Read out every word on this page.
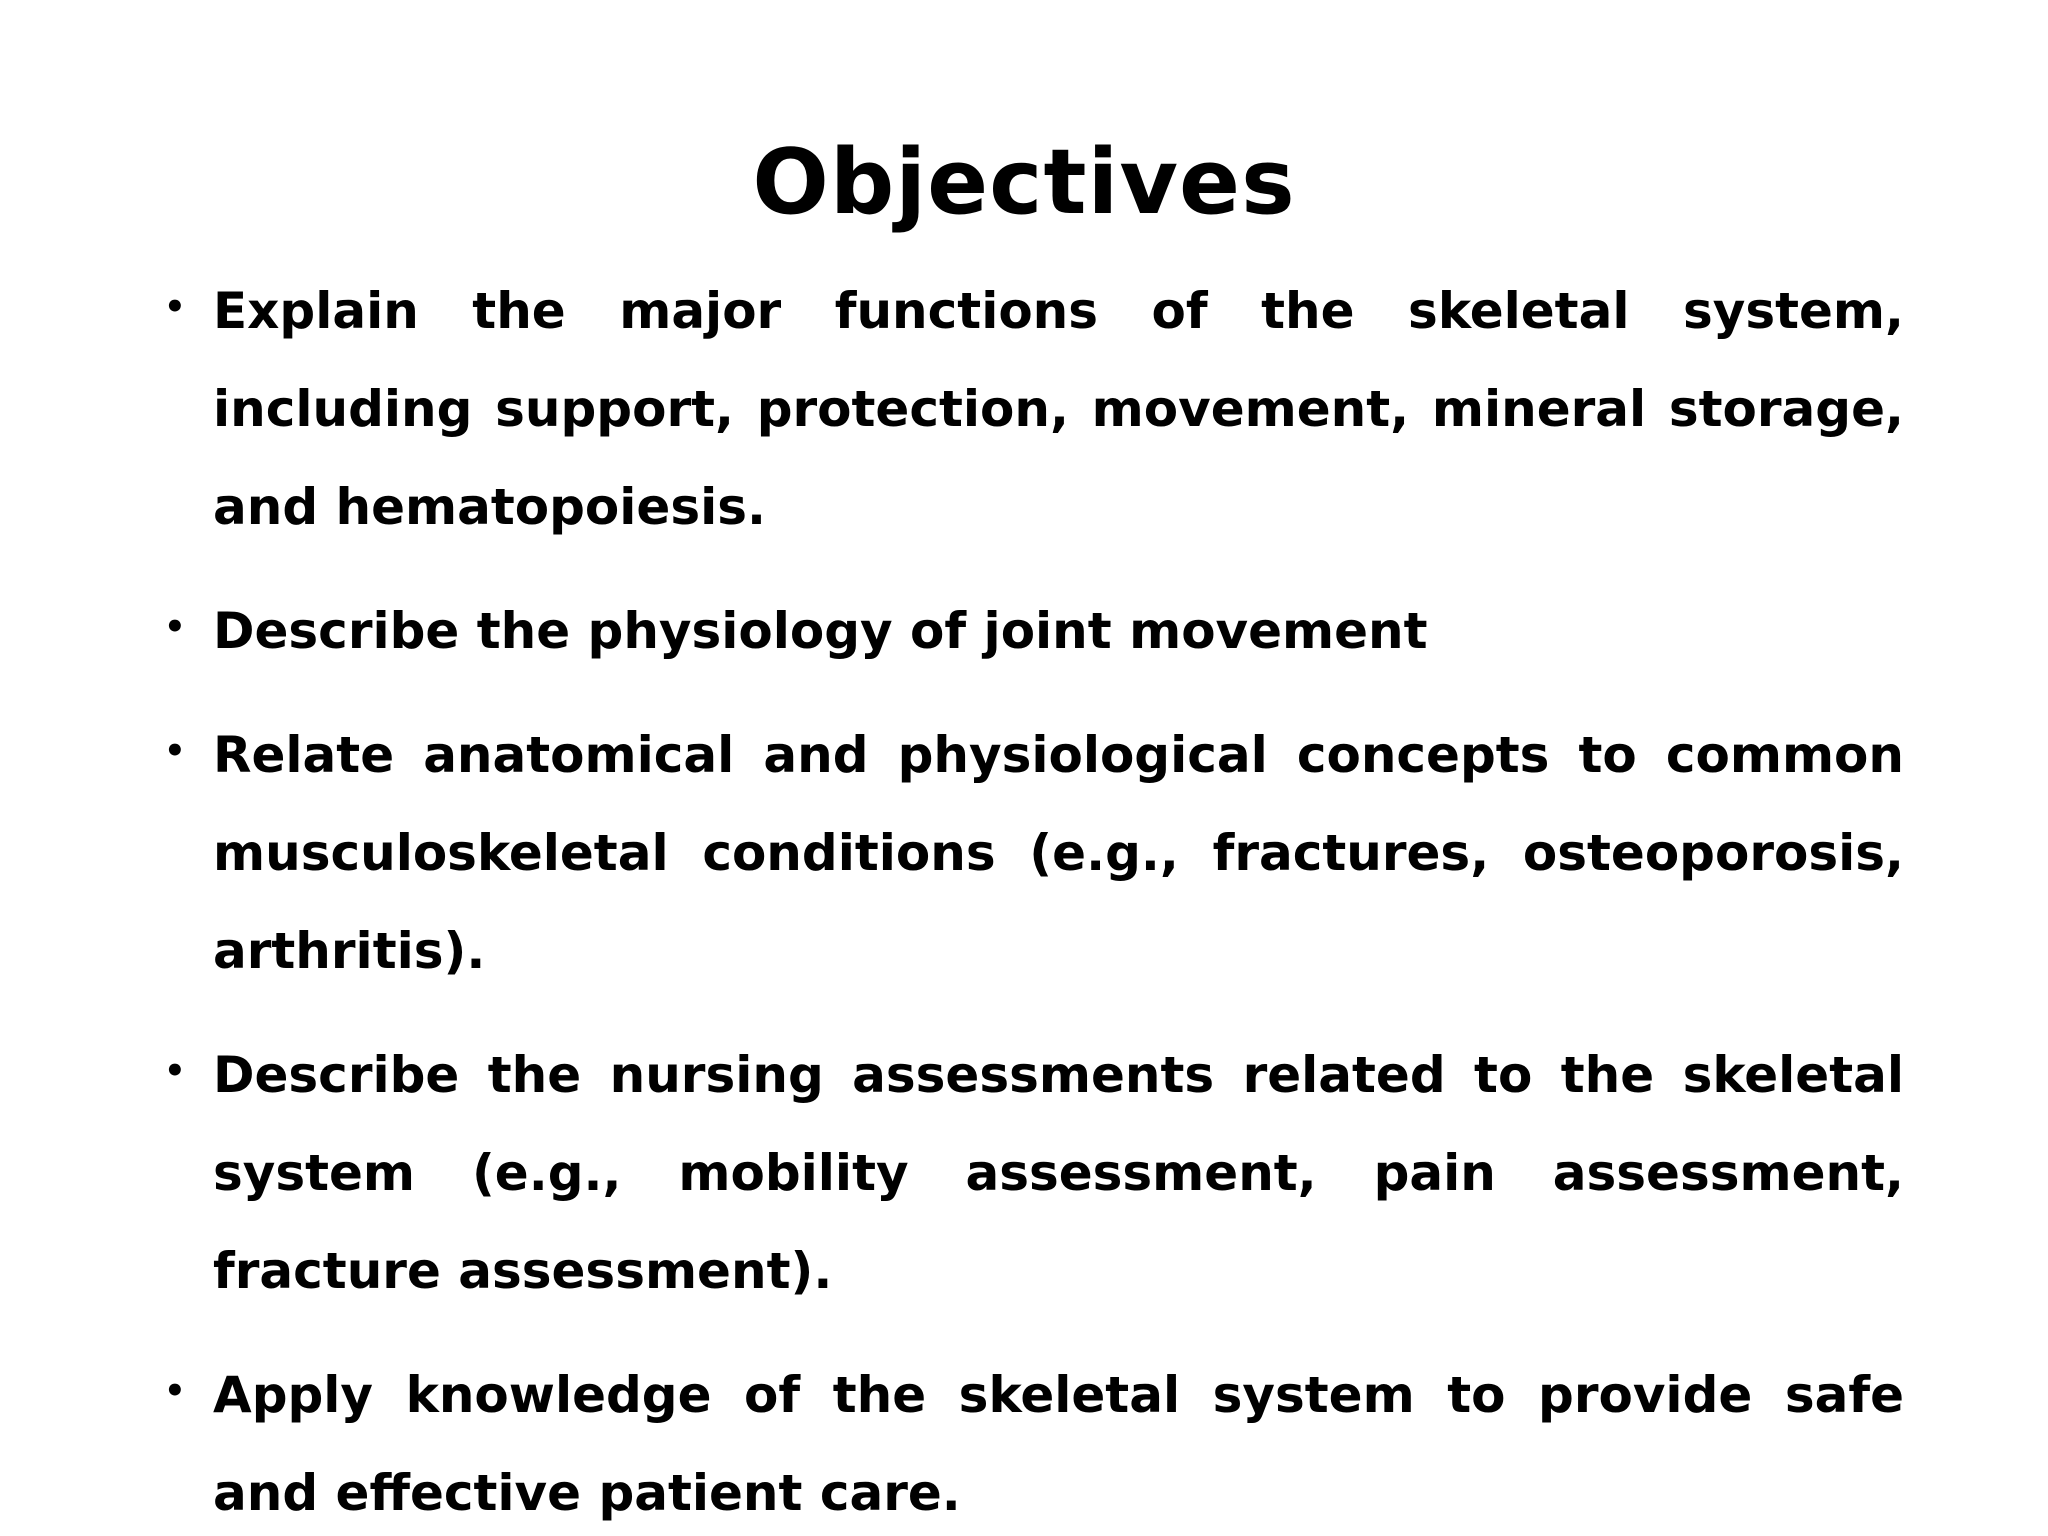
Objectives
• Explain the major functions of the skeletal system, including support, protection, movement, mineral storage, and hematopoiesis.
• Describe the physiology of joint movement
• Relate anatomical and physiological concepts to common musculoskeletal conditions (e.g., fractures, osteoporosis, arthritis).
• Describe the nursing assessments related to the skeletal system (e.g., mobility assessment, pain assessment, fracture assessment).
• Apply knowledge of the skeletal system to provide safe and effective patient care.
